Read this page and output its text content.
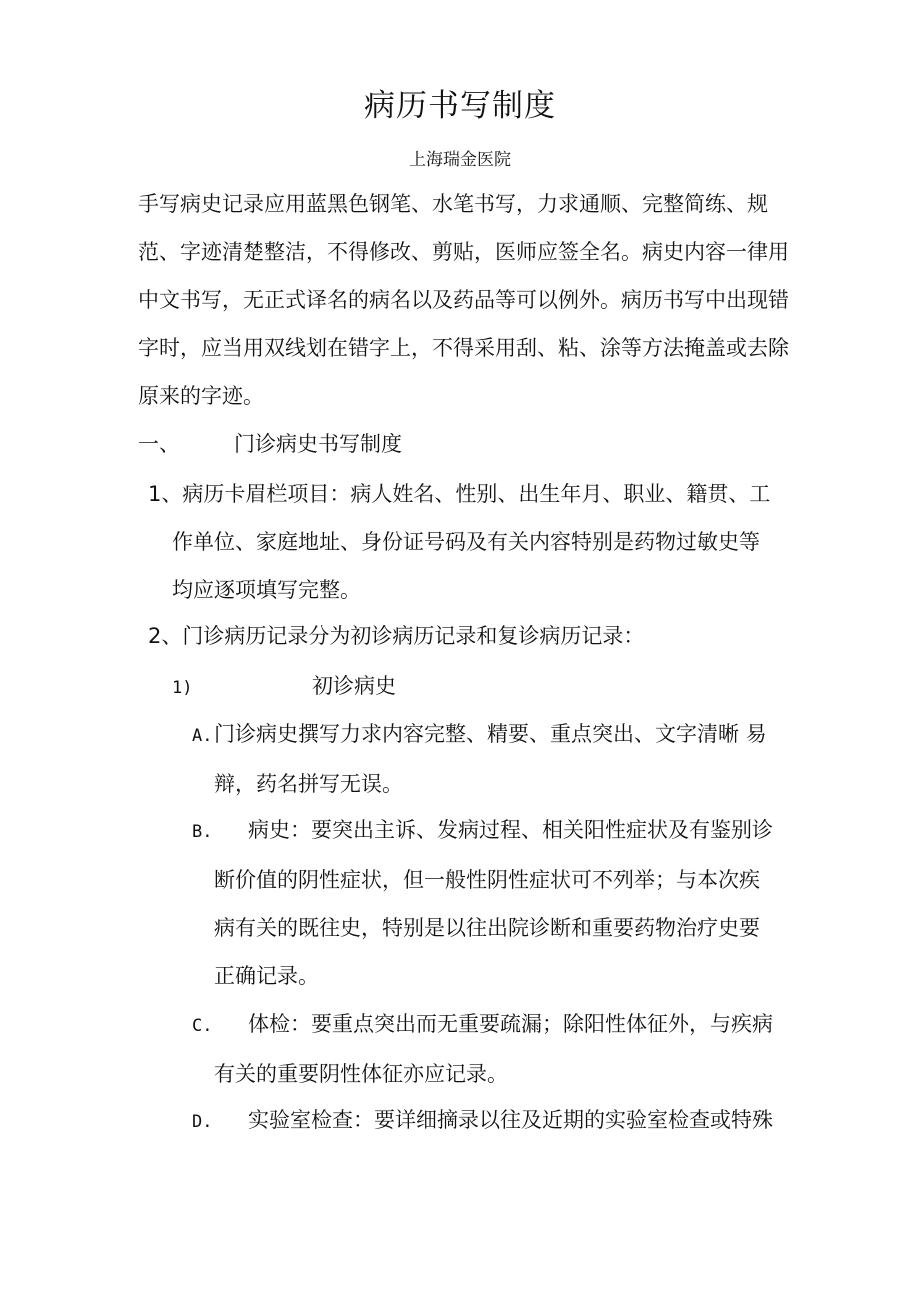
病历书写制度
上海瑞金医院
手写病史记录应用蓝黑色钢笔、水笔书写，力求通顺、完整简练、规范、字迹清楚整洁，不得修改、剪贴，医师应签全名。病史内容一律用中文书写，无正式译名的病名以及药品等可以例外。病历书写中出现错字时，应当用双线划在错字上，不得采用刮、粘、涂等方法掩盖或去除原来的字迹。
一、	门诊病史书写制度
1、病历卡眉栏项目：病人姓名、性别、出生年月、职业、籍贯、工
作单位、家庭地址、身份证号码及有关内容特别是药物过敏史等
均应逐项填写完整。
2、门诊病历记录分为初诊病历记录和复诊病历记录：
1)	初诊病史
A.门诊病史撰写力求内容完整、精要、重点突出、文字清晰 易
辩，药名拼写无误。
B. 病史：要突出主诉、发病过程、相关阳性症状及有鉴别诊
断价值的阴性症状，但一般性阴性症状可不列举；与本次疾
病有关的既往史，特别是以往出院诊断和重要药物治疗史要
正确记录。
C. 体检：要重点突出而无重要疏漏；除阳性体征外，与疾病
有关的重要阴性体征亦应记录。
D. 实验室检查：要详细摘录以往及近期的实验室检查或特殊
